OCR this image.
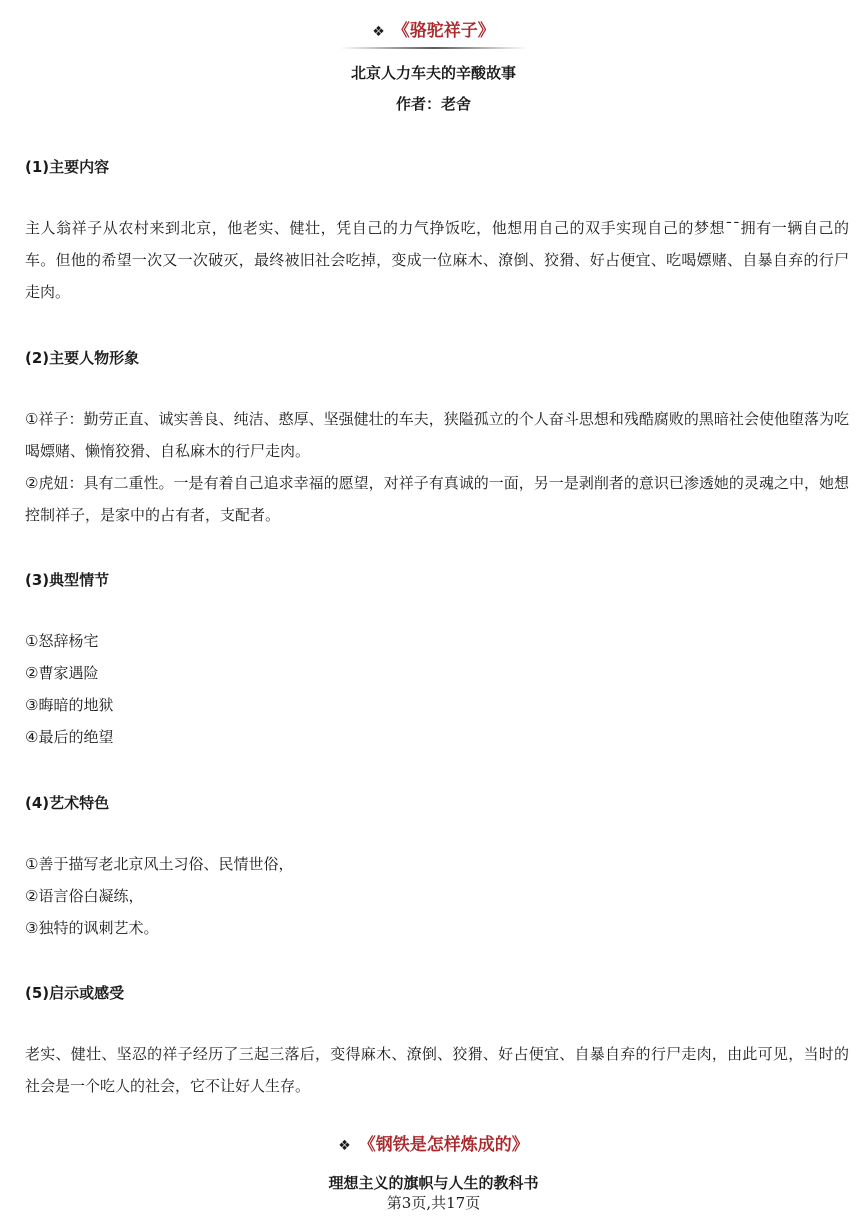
❖ 《骆驼祥子》
北京人力车夫的辛酸故事
作者：老舍
(1)主要内容
主人翁祥子从农村来到北京，他老实、健壮，凭自己的力气挣饭吃，他想用自己的双手实现自己的梦想¯¯拥有一辆自己的车。但他的希望一次又一次破灭，最终被旧社会吃掉，变成一位麻木、潦倒、狡猾、好占便宜、吃喝嫖赌、自暴自弃的行尸走肉。
(2)主要人物形象
①祥子：勤劳正直、诚实善良、纯洁、憨厚、坚强健壮的车夫，狭隘孤立的个人奋斗思想和残酷腐败的黑暗社会使他堕落为吃喝嫖赌、懒惰狡猾、自私麻木的行尸走肉。
②虎妞：具有二重性。一是有着自己追求幸福的愿望，对祥子有真诚的一面，另一是剥削者的意识已渗透她的灵魂之中，她想控制祥子，是家中的占有者，支配者。
(3)典型情节
①怒辞杨宅
②曹家遇险
③晦暗的地狱
④最后的绝望
(4)艺术特色
①善于描写老北京风土习俗、民情世俗，
②语言俗白凝练，
③独特的讽刺艺术。
(5)启示或感受
老实、健壮、坚忍的祥子经历了三起三落后，变得麻木、潦倒、狡猾、好占便宜、自暴自弃的行尸走肉，由此可见，当时的社会是一个吃人的社会，它不让好人生存。
❖ 《钢铁是怎样炼成的》
理想主义的旗帜与人生的教科书
第3页,共17页
